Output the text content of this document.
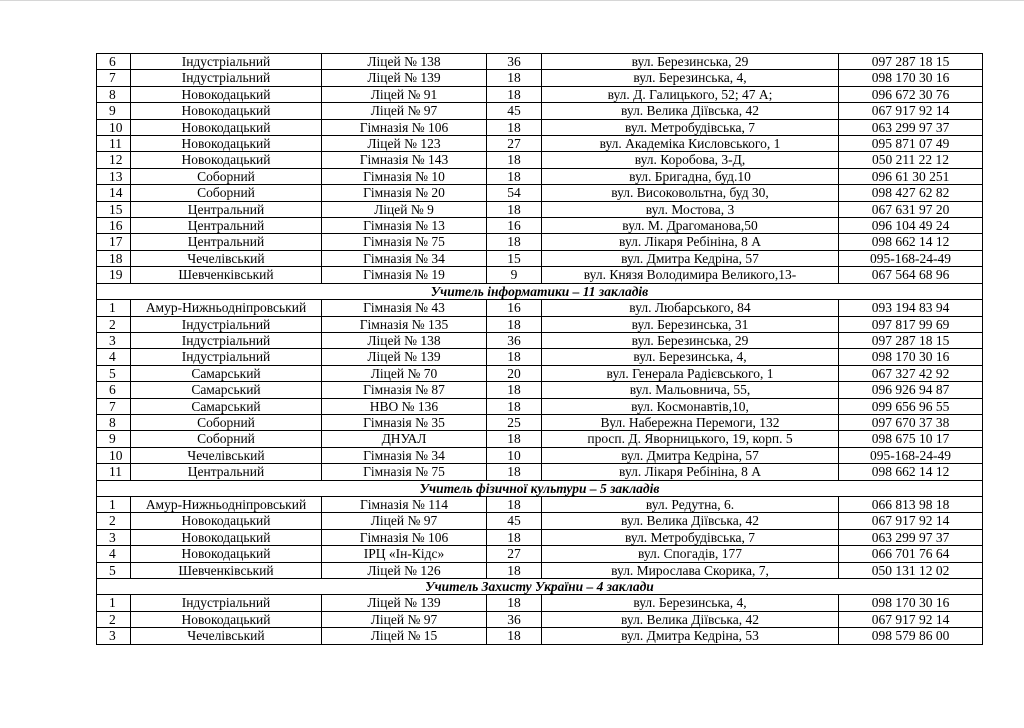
6	Індустріальний	Ліцей № 138	36	вул. Березинська, 29	097 287 18 15
7	Індустріальний	Ліцей № 139	18	вул. Березинська, 4,	098 170 30 16
8	Новокодацький	Ліцей № 91	18	вул. Д. Галицького, 52; 47 А;	096 672 30 76
9	Новокодацький	Ліцей № 97	45	вул. Велика Діївська, 42	067 917 92 14
10	Новокодацький	Гімназія № 106	18	вул. Метробудівська, 7	063 299 97 37
11	Новокодацький	Ліцей № 123	27	вул. Академіка Кисловського, 1	095 871 07 49
12	Новокодацький	Гімназія № 143	18	вул. Коробова, 3-Д,	050 211 22 12
13	Соборний	Гімназія № 10	18	вул. Бригадна, буд.10	096 61 30 251
14	Соборний	Гімназія № 20	54	вул. Високовольтна, буд 30,	098 427 62 82
15	Центральний	Ліцей № 9	18	вул. Мостова, 3	067 631 97 20
16	Центральний	Гімназія № 13	16	вул. М. Драгоманова,50	096 104 49 24
17	Центральний	Гімназія № 75	18	вул. Лікаря Ребініна, 8 А	098 662 14 12
18	Чечелівський	Гімназія № 34	15	вул. Дмитра Кедріна, 57	095-168-24-49
19	Шевченківський	Гімназія № 19	9	вул. Князя Володимира Великого,13-	067 564 68 96
Учитель інформатики – 11 закладів					
1	Амур-Нижньодніпровський	Гімназія № 43	16	вул. Любарського, 84	093 194 83 94
2	Індустріальний	Гімназія № 135	18	вул. Березинська, 31	097 817 99 69
3	Індустріальний	Ліцей № 138	36	вул. Березинська, 29	097 287 18 15
4	Індустріальний	Ліцей № 139	18	вул. Березинська, 4,	098 170 30 16
5	Самарський	Ліцей № 70	20	вул. Генерала Радієвського, 1	067 327 42 92
6	Самарський	Гімназія № 87	18	вул. Мальовнича, 55,	096 926 94 87
7	Самарський	НВО № 136	18	вул. Космонавтів,10,	099 656 96 55
8	Соборний	Гімназія № 35	25	Вул. Набережна Перемоги, 132	097 670 37 38
9	Соборний	ДНУАЛ	18	просп. Д. Яворницького, 19, корп. 5	098 675 10 17
10	Чечелівський	Гімназія № 34	10	вул. Дмитра Кедріна, 57	095-168-24-49
11	Центральний	Гімназія № 75	18	вул. Лікаря Ребініна, 8 А	098 662 14 12
Учитель фізичної культури – 5 закладів					
1	Амур-Нижньодніпровський	Гімназія № 114	18	вул. Редутна, 6.	066 813 98 18
2	Новокодацький	Ліцей № 97	45	вул. Велика Діївська, 42	067 917 92 14
3	Новокодацький	Гімназія № 106	18	вул. Метробудівська, 7	063 299 97 37
4	Новокодацький	ІРЦ «Ін-Кідс»	27	вул. Спогадів, 177	066 701 76 64
5	Шевченківський	Ліцей № 126	18	вул. Мирослава Скорика, 7,	050 131 12 02
Учитель Захисту України – 4 заклади					
1	Індустріальний	Ліцей № 139	18	вул. Березинська, 4,	098 170 30 16
2	Новокодацький	Ліцей № 97	36	вул. Велика Діївська, 42	067 917 92 14
3	Чечелівський	Ліцей № 15	18	вул. Дмитра Кедріна, 53	098 579 86 00
